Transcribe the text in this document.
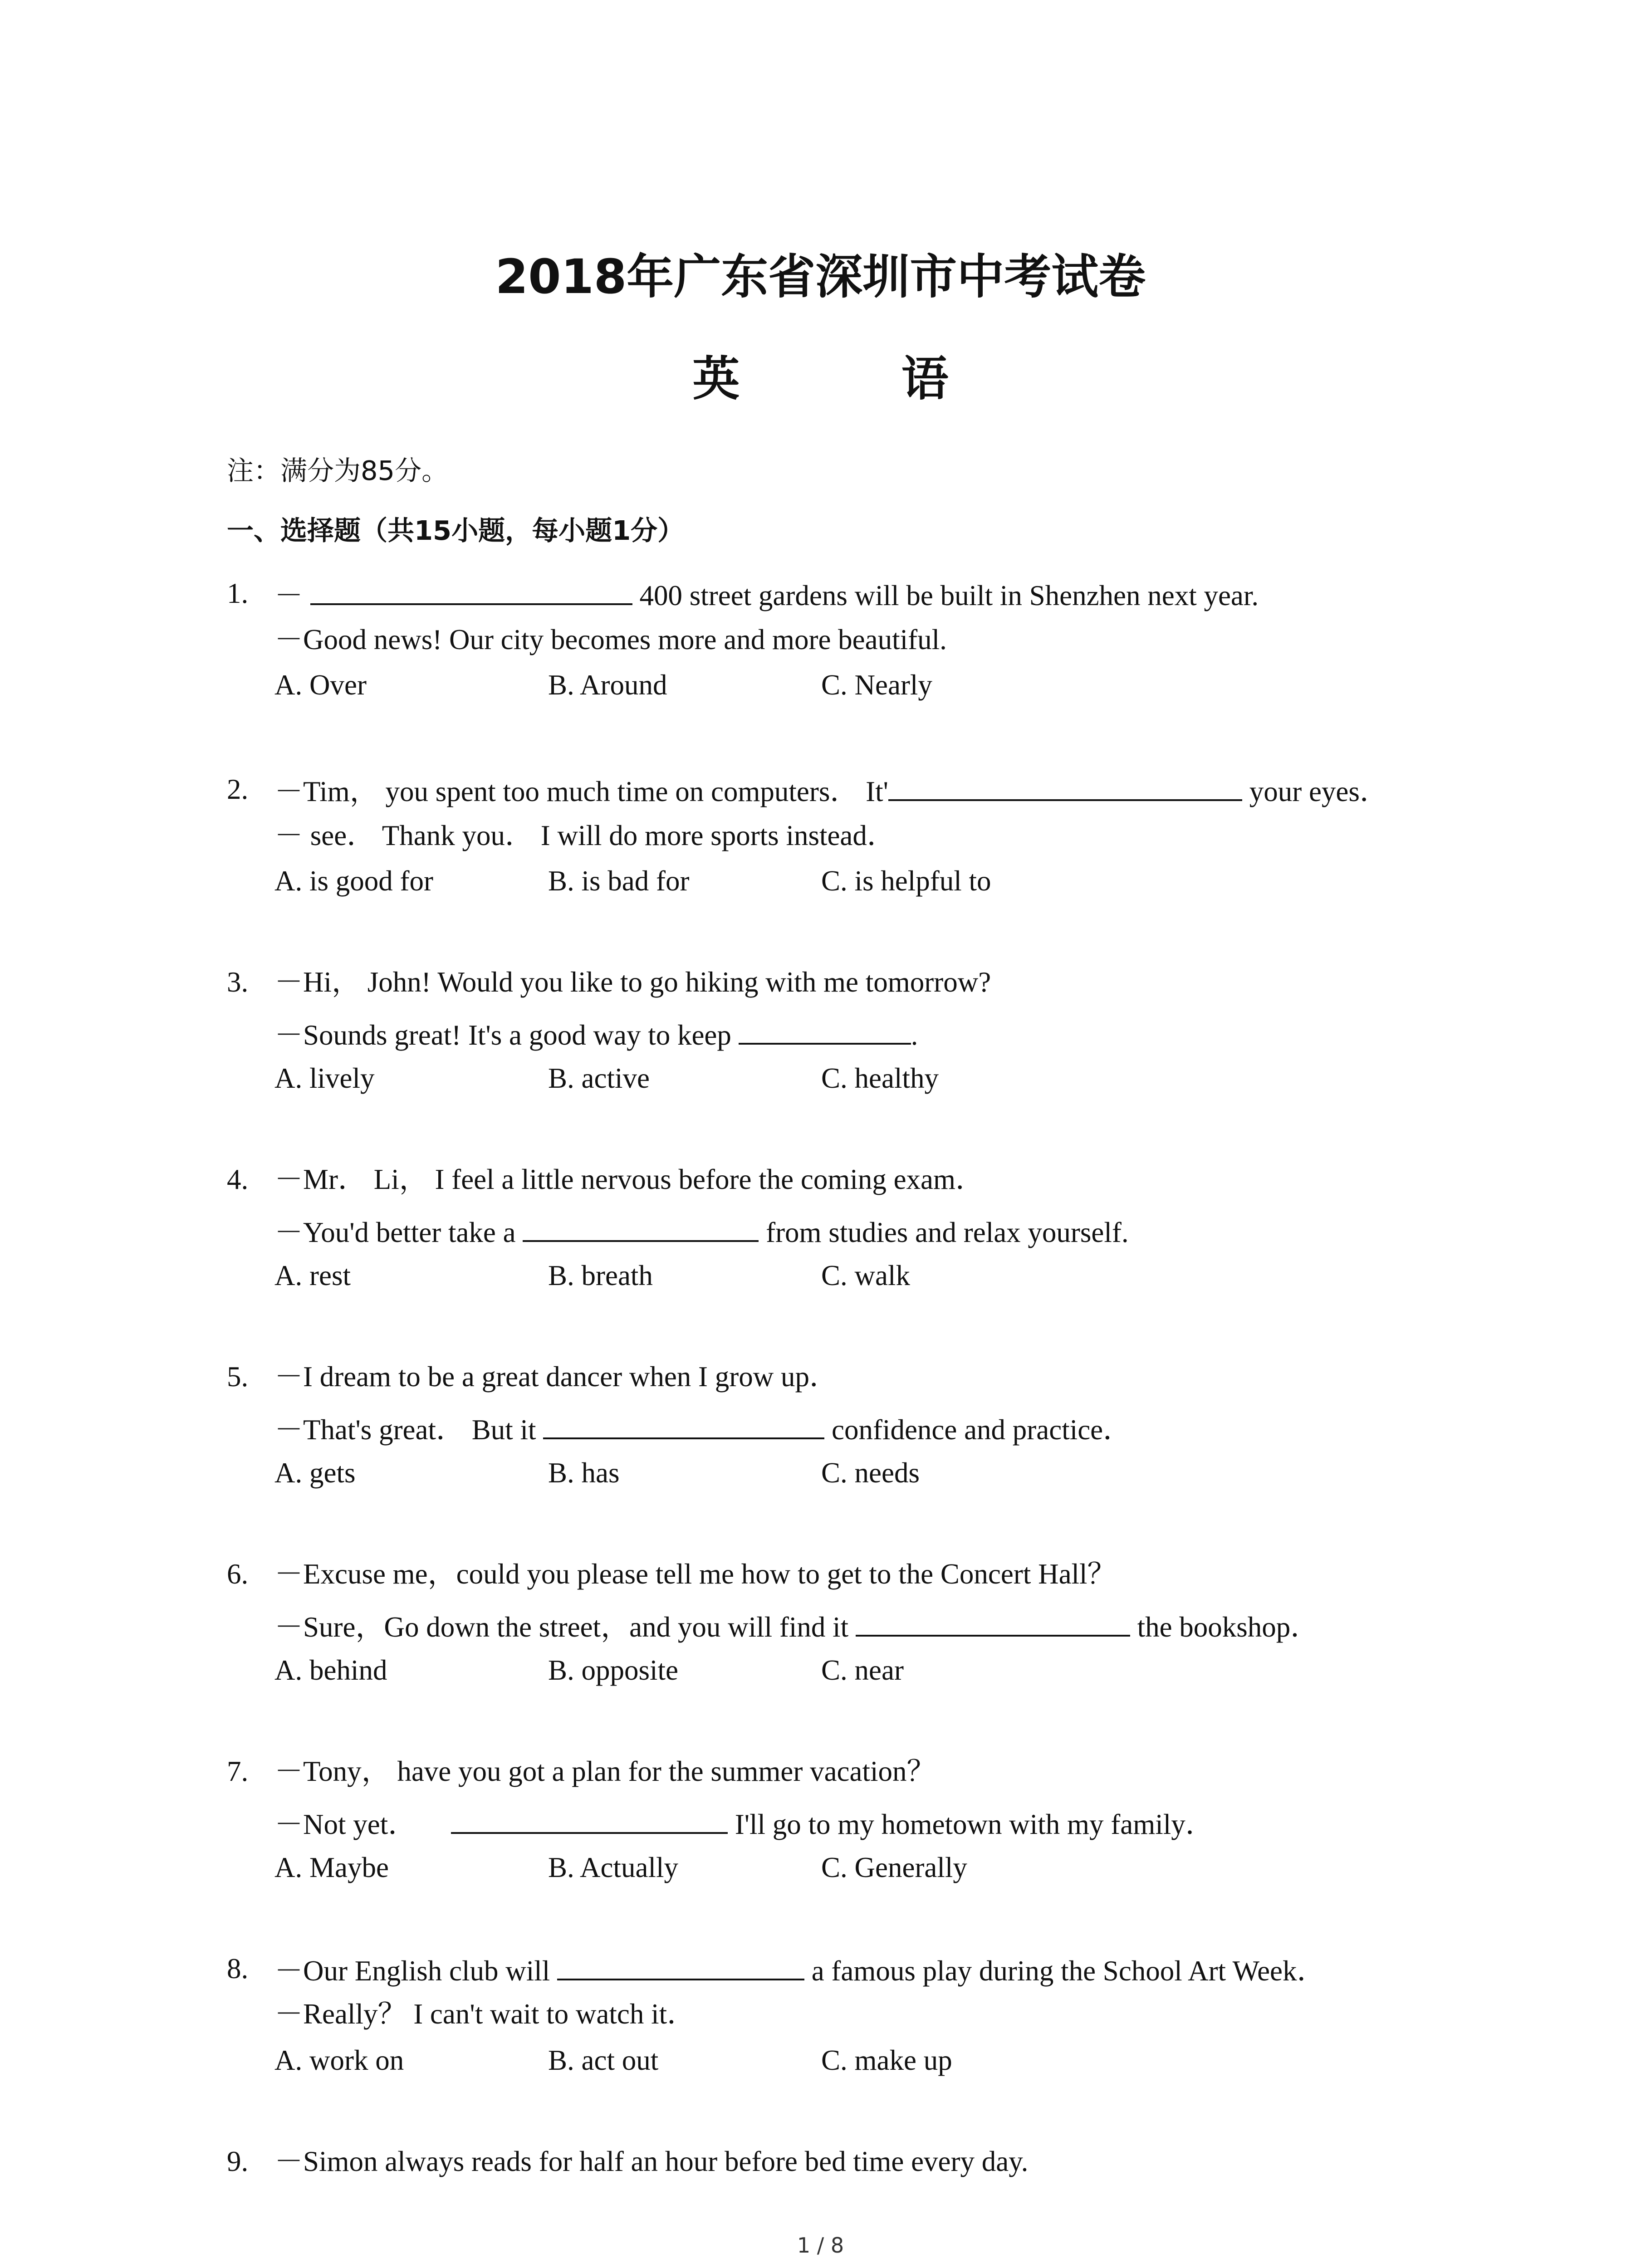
2018年广东省深圳市中考试卷
英 语
注：满分为85分。
一、选择题（共15小题，每小题1分）
1. －	400 street gardens will be built in Shenzhen next year.
－Good news! Our city becomes more and more beautiful.
A. Over	B. Around	C. Nearly
2. －Tim， you spent too much time on computers． It'	your eyes．
－ see． Thank you． I will do more sports instead．
A. is good for	B. is bad for	C. is helpful to
3. －Hi， John! Would you like to go hiking with me tomorrow?
－Sounds great! It's a good way to keep	.
A. lively	B. active	C. healthy
4. －Mr． Li， I feel a little nervous before the coming exam．
－You'd better take a	from studies and relax yourself.
A. rest	B. breath	C. walk
5. －I dream to be a great dancer when I grow up．
－That's great． But it	confidence and practice．
A. gets	B. has	C. needs
6. －Excuse me，could you please tell me how to get to the Concert Hall？
－Sure，Go down the street，and you will find it	the bookshop．
A. behind	B. opposite	C. near
7. －Tony， have you got a plan for the summer vacation？
－Not yet．	I'll go to my hometown with my family．
A. Maybe	B. Actually	C. Generally
8. －Our English club will	a famous play during the School Art Week．
－Really？ I can't wait to watch it．
A. work on	B. act out	C. make up
9. －Simon always reads for half an hour before bed time every day.
1 / 8
